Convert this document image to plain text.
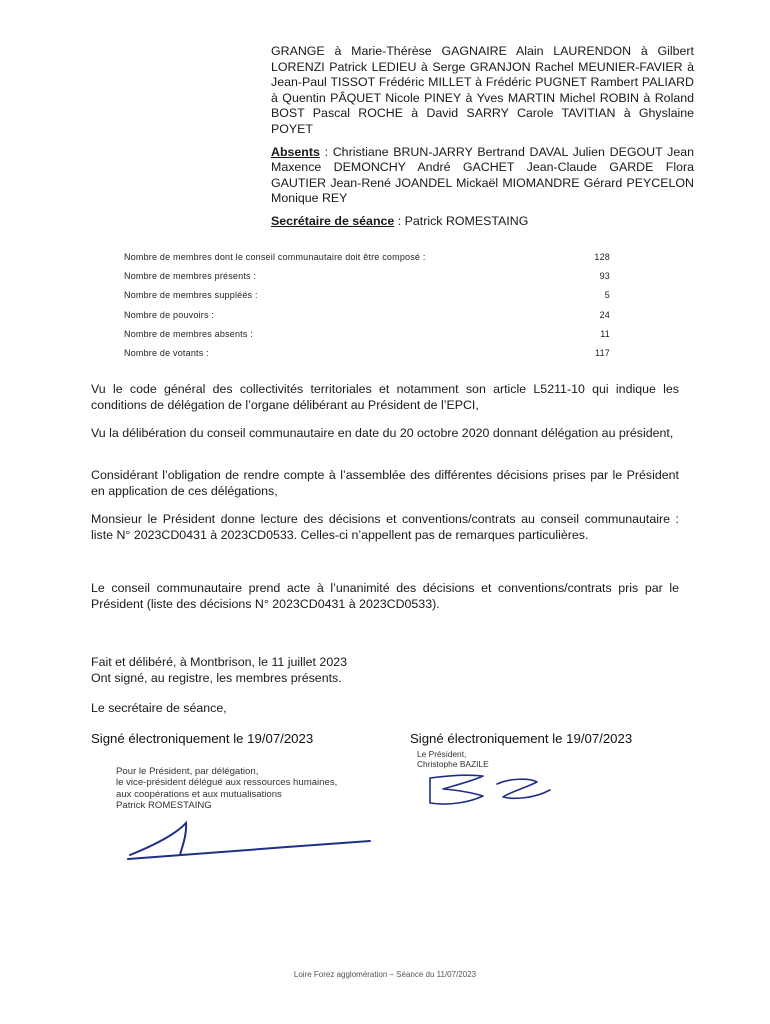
GRANGE à Marie-Thérèse GAGNAIRE Alain LAURENDON à Gilbert LORENZI Patrick LEDIEU à Serge GRANJON Rachel MEUNIER-FAVIER à Jean-Paul TISSOT Frédéric MILLET à Frédéric PUGNET Rambert PALIARD à Quentin PÂQUET Nicole PINEY à Yves MARTIN Michel ROBIN à Roland BOST Pascal ROCHE à David SARRY Carole TAVITIAN à Ghyslaine POYET

Absents : Christiane BRUN-JARRY Bertrand DAVAL Julien DEGOUT Jean Maxence DEMONCHY André GACHET Jean-Claude GARDE Flora GAUTIER Jean-René JOANDEL Mickaël MIOMANDRE Gérard PEYCELON Monique REY

Secrétaire de séance : Patrick ROMESTAING

Nombre de membres dont le conseil communautaire doit être composé :	128
Nombre de membres présents :	93
Nombre de membres suppléés :	5
Nombre de pouvoirs :	24
Nombre de membres absents :	11
Nombre de votants :	117

Vu le code général des collectivités territoriales et notamment son article L5211-10 qui indique les conditions de délégation de l’organe délibérant au Président de l’EPCI,

Vu la délibération du conseil communautaire en date du 20 octobre 2020 donnant délégation au président,

Considérant l’obligation de rendre compte à l’assemblée des différentes décisions prises par le Président en application de ces délégations,

Monsieur le Président donne lecture des décisions et conventions/contrats au conseil communautaire : liste N° 2023CD0431 à 2023CD0533. Celles-ci n’appellent pas de remarques particulières.

Le conseil communautaire prend acte à l’unanimité des décisions et conventions/contrats pris par le Président (liste des décisions N° 2023CD0431 à 2023CD0533).

Fait et délibéré, à Montbrison, le 11 juillet 2023

Ont signé, au registre, les membres présents.

Le secrétaire de séance,

Signé électroniquement le 19/07/2023
Pour le Président, par délégation,
le vice-président délégué aux ressources humaines,
aux coopérations et aux mutualisations
Patrick ROMESTAING
Signé électroniquement le 19/07/2023
Le Président,
Christophe BAZILE
Loire Forez agglomération – Séance du 11/07/2023
